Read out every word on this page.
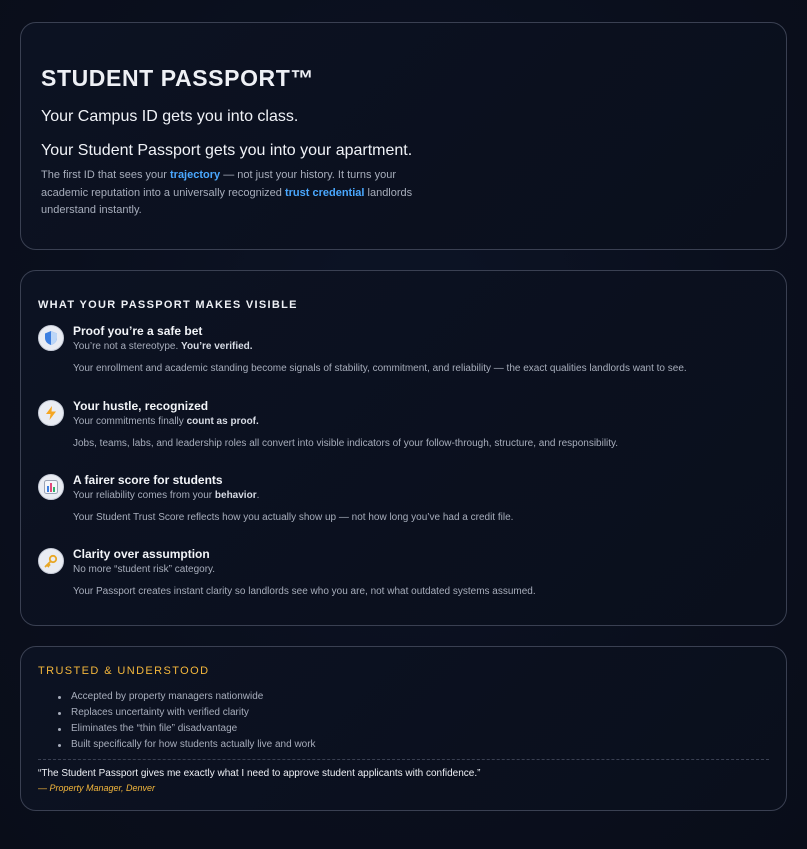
STUDENT PASSPORT™
Your Campus ID gets you into class.
Your Student Passport gets you into your apartment.

The first ID that sees your trajectory — not just your history. It turns your academic reputation into a universally recognized trust credential landlords understand instantly.

WHAT YOUR PASSPORT MAKES VISIBLE
Proof you’re a safe bet
You’re not a stereotype. You’re verified.
Your enrollment and academic standing become signals of stability, commitment, and reliability — the exact qualities landlords want to see.
Your hustle, recognized
Your commitments finally count as proof.
Jobs, teams, labs, and leadership roles all convert into visible indicators of your follow-through, structure, and responsibility.
A fairer score for students
Your reliability comes from your behavior.
Your Student Trust Score reflects how you actually show up — not how long you’ve had a credit file.
Clarity over assumption
No more “student risk” category.
Your Passport creates instant clarity so landlords see who you are, not what outdated systems assumed.
TRUSTED & UNDERSTOOD
Accepted by property managers nationwide
Replaces uncertainty with verified clarity
Eliminates the “thin file” disadvantage
Built specifically for how students actually live and work

“The Student Passport gives me exactly what I need to approve student applicants with confidence.”

— Property Manager, Denver
